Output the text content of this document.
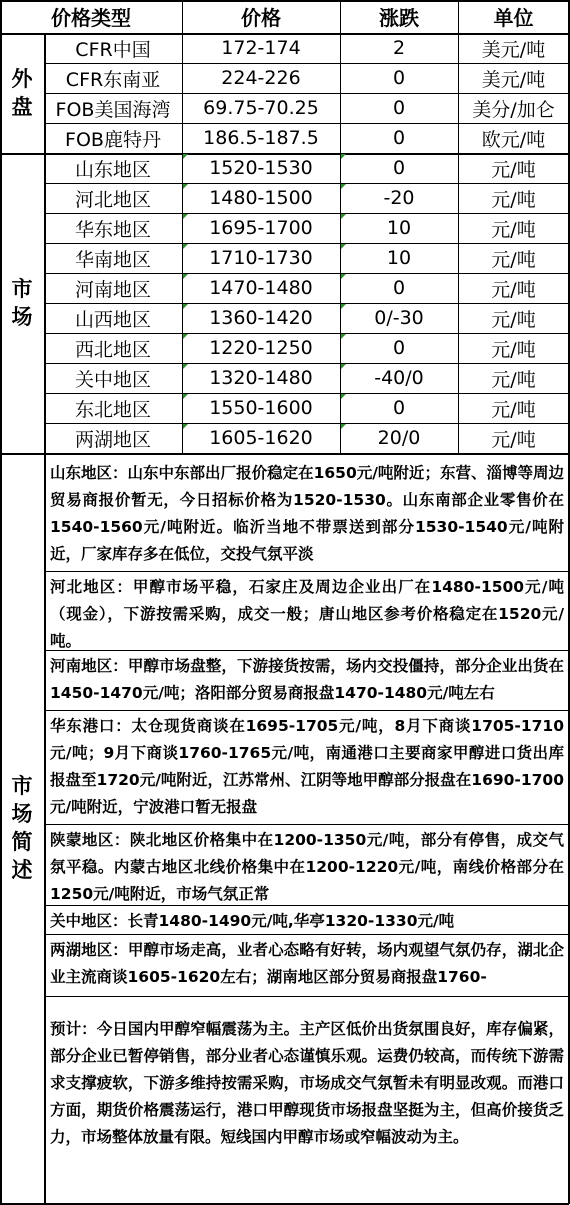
价格类型	价格	涨跌	单位
外盘
CFR中国	172-174	2	美元/吨
CFR东南亚	224-226	0	美元/吨
FOB美国海湾	69.75-70.25	0	美分/加仑
FOB鹿特丹	186.5-187.5	0	欧元/吨
市场
山东地区	1520-1530	0	元/吨
河北地区	1480-1500	-20	元/吨
华东地区	1695-1700	10	元/吨
华南地区	1710-1730	10	元/吨
河南地区	1470-1480	0	元/吨
山西地区	1360-1420	0/-30	元/吨
西北地区	1220-1250	0	元/吨
关中地区	1320-1480	-40/0	元/吨
东北地区	1550-1600	0	元/吨
两湖地区	1605-1620	20/0	元/吨
市场简述
山东地区：山东中东部出厂报价稳定在1650元/吨附近；东营、淄博等周边贸易商报价暂无，今日招标价格为1520-1530。山东南部企业零售价在1540-1560元/吨附近。临沂当地不带票送到部分1530-1540元/吨附近，厂家库存多在低位，交投气氛平淡
河北地区：甲醇市场平稳，石家庄及周边企业出厂在1480-1500元/吨（现金），下游按需采购，成交一般；唐山地区参考价格稳定在1520元/吨。
河南地区：甲醇市场盘整，下游接货按需，场内交投僵持，部分企业出货在1450-1470元/吨；洛阳部分贸易商报盘1470-1480元/吨左右
华东港口：太仓现货商谈在1695-1705元/吨，8月下商谈1705-1710元/吨；9月下商谈1760-1765元/吨，南通港口主要商家甲醇进口货出库报盘至1720元/吨附近，江苏常州、江阴等地甲醇部分报盘在1690-1700元/吨附近，宁波港口暂无报盘
陕蒙地区：陕北地区价格集中在1200-1350元/吨，部分有停售，成交气氛平稳。内蒙古地区北线价格集中在1200-1220元/吨，南线价格部分在1250元/吨附近，市场气氛正常
关中地区：长青1480-1490元/吨,华亭1320-1330元/吨
两湖地区：甲醇市场走高，业者心态略有好转，场内观望气氛仍存，湖北企业主流商谈1605-1620左右；湖南地区部分贸易商报盘1760-
预计：今日国内甲醇窄幅震荡为主。主产区低价出货氛围良好，库存偏紧，部分企业已暂停销售，部分业者心态谨慎乐观。运费仍较高，而传统下游需求支撑疲软，下游多维持按需采购，市场成交气氛暂未有明显改观。而港口方面，期货价格震荡运行，港口甲醇现货市场报盘坚挺为主，但高价接货乏力，市场整体放量有限。短线国内甲醇市场或窄幅波动为主。
